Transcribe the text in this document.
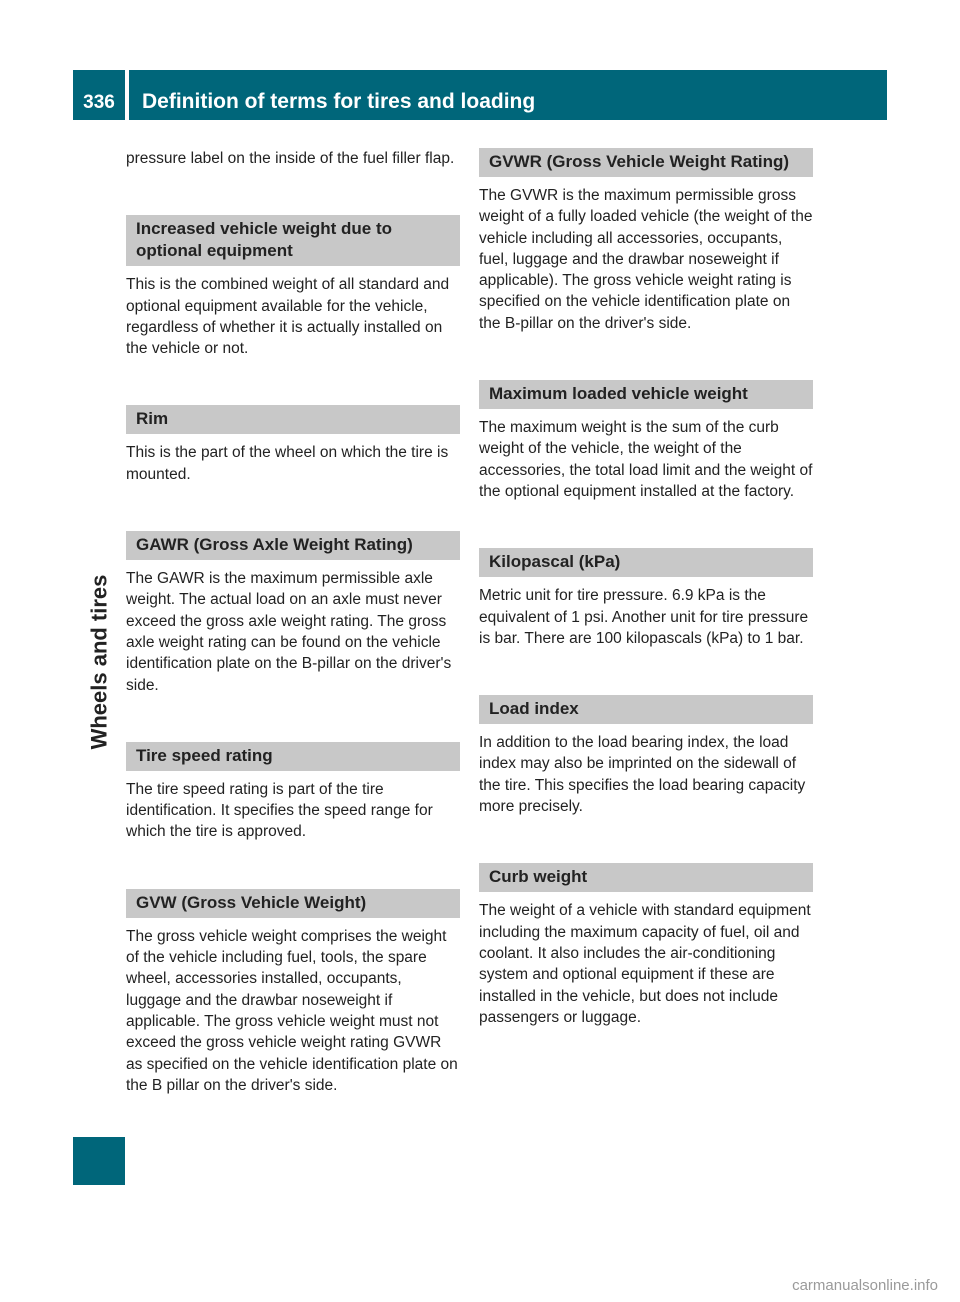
336	Definition of terms for tires and loading
Wheels and tires

pressure label on the inside of the fuel filler flap.

Increased vehicle weight due to optional equipment

This is the combined weight of all standard and optional equipment available for the vehicle, regardless of whether it is actually installed on the vehicle or not.

Rim

This is the part of the wheel on which the tire is mounted.

GAWR (Gross Axle Weight Rating)

The GAWR is the maximum permissible axle weight. The actual load on an axle must never exceed the gross axle weight rating. The gross axle weight rating can be found on the vehicle identification plate on the B-pillar on the driver's side.

Tire speed rating

The tire speed rating is part of the tire identification. It specifies the speed range for which the tire is approved.

GVW (Gross Vehicle Weight)

The gross vehicle weight comprises the weight of the vehicle including fuel, tools, the spare wheel, accessories installed, occupants, luggage and the drawbar noseweight if applicable. The gross vehicle weight must not exceed the gross vehicle weight rating GVWR as specified on the vehicle identification plate on the B pillar on the driver's side.

GVWR (Gross Vehicle Weight Rating)

The GVWR is the maximum permissible gross weight of a fully loaded vehicle (the weight of the vehicle including all accessories, occupants, fuel, luggage and the drawbar noseweight if applicable). The gross vehicle weight rating is specified on the vehicle identification plate on the B-pillar on the driver's side.

Maximum loaded vehicle weight

The maximum weight is the sum of the curb weight of the vehicle, the weight of the accessories, the total load limit and the weight of the optional equipment installed at the factory.

Kilopascal (kPa)

Metric unit for tire pressure. 6.9 kPa is the equivalent of 1 psi. Another unit for tire pressure is bar. There are 100 kilopascals (kPa) to 1 bar.

Load index

In addition to the load bearing index, the load index may also be imprinted on the sidewall of the tire. This specifies the load bearing capacity more precisely.

Curb weight

The weight of a vehicle with standard equipment including the maximum capacity of fuel, oil and coolant. It also includes the air-conditioning system and optional equipment if these are installed in the vehicle, but does not include passengers or luggage.

carmanualsonline.info
